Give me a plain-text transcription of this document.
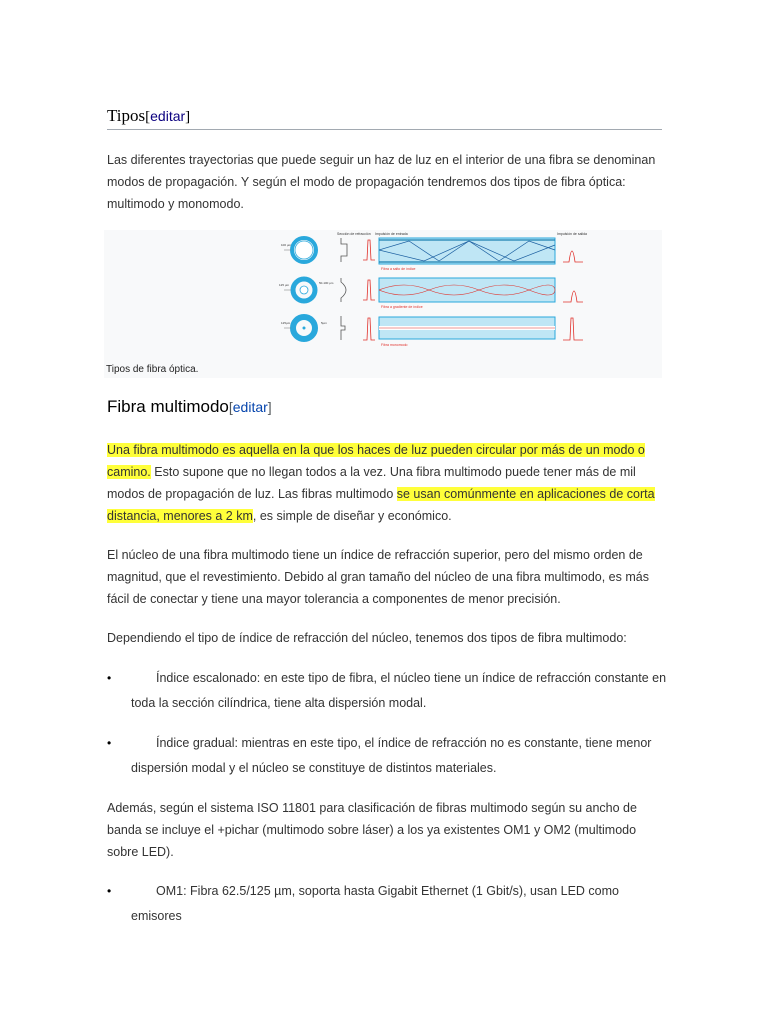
Tipos[editar]
Las diferentes trayectorias que puede seguir un haz de luz en el interior de una fibra se denominan modos de propagación. Y según el modo de propagación tendremos dos tipos de fibra óptica: multimodo y monomodo.
Sección de refracción Impulsión de entrada	Impulsión de salida
100 µm
Fibra a salto de índice
125 µm	50-100 µm
Fibra a gradiente de índice
125µm	5µm
Fibra monomodo
Tipos de fibra óptica.
Fibra multimodo[editar]
Una fibra multimodo es aquella en la que los haces de luz pueden circular por más de un modo o camino. Esto supone que no llegan todos a la vez. Una fibra multimodo puede tener más de mil modos de propagación de luz. Las fibras multimodo se usan comúnmente en aplicaciones de corta distancia, menores a 2 km, es simple de diseñar y económico.
El núcleo de una fibra multimodo tiene un índice de refracción superior, pero del mismo orden de magnitud, que el revestimiento. Debido al gran tamaño del núcleo de una fibra multimodo, es más fácil de conectar y tiene una mayor tolerancia a componentes de menor precisión.
Dependiendo el tipo de índice de refracción del núcleo, tenemos dos tipos de fibra multimodo:
•	Índice escalonado: en este tipo de fibra, el núcleo tiene un índice de refracción constante en toda la sección cilíndrica, tiene alta dispersión modal.
•	Índice gradual: mientras en este tipo, el índice de refracción no es constante, tiene menor dispersión modal y el núcleo se constituye de distintos materiales.
Además, según el sistema ISO 11801 para clasificación de fibras multimodo según su ancho de banda se incluye el +pichar (multimodo sobre láser) a los ya existentes OM1 y OM2 (multimodo sobre LED).
•	OM1: Fibra 62.5/125 µm, soporta hasta Gigabit Ethernet (1 Gbit/s), usan LED como emisores
